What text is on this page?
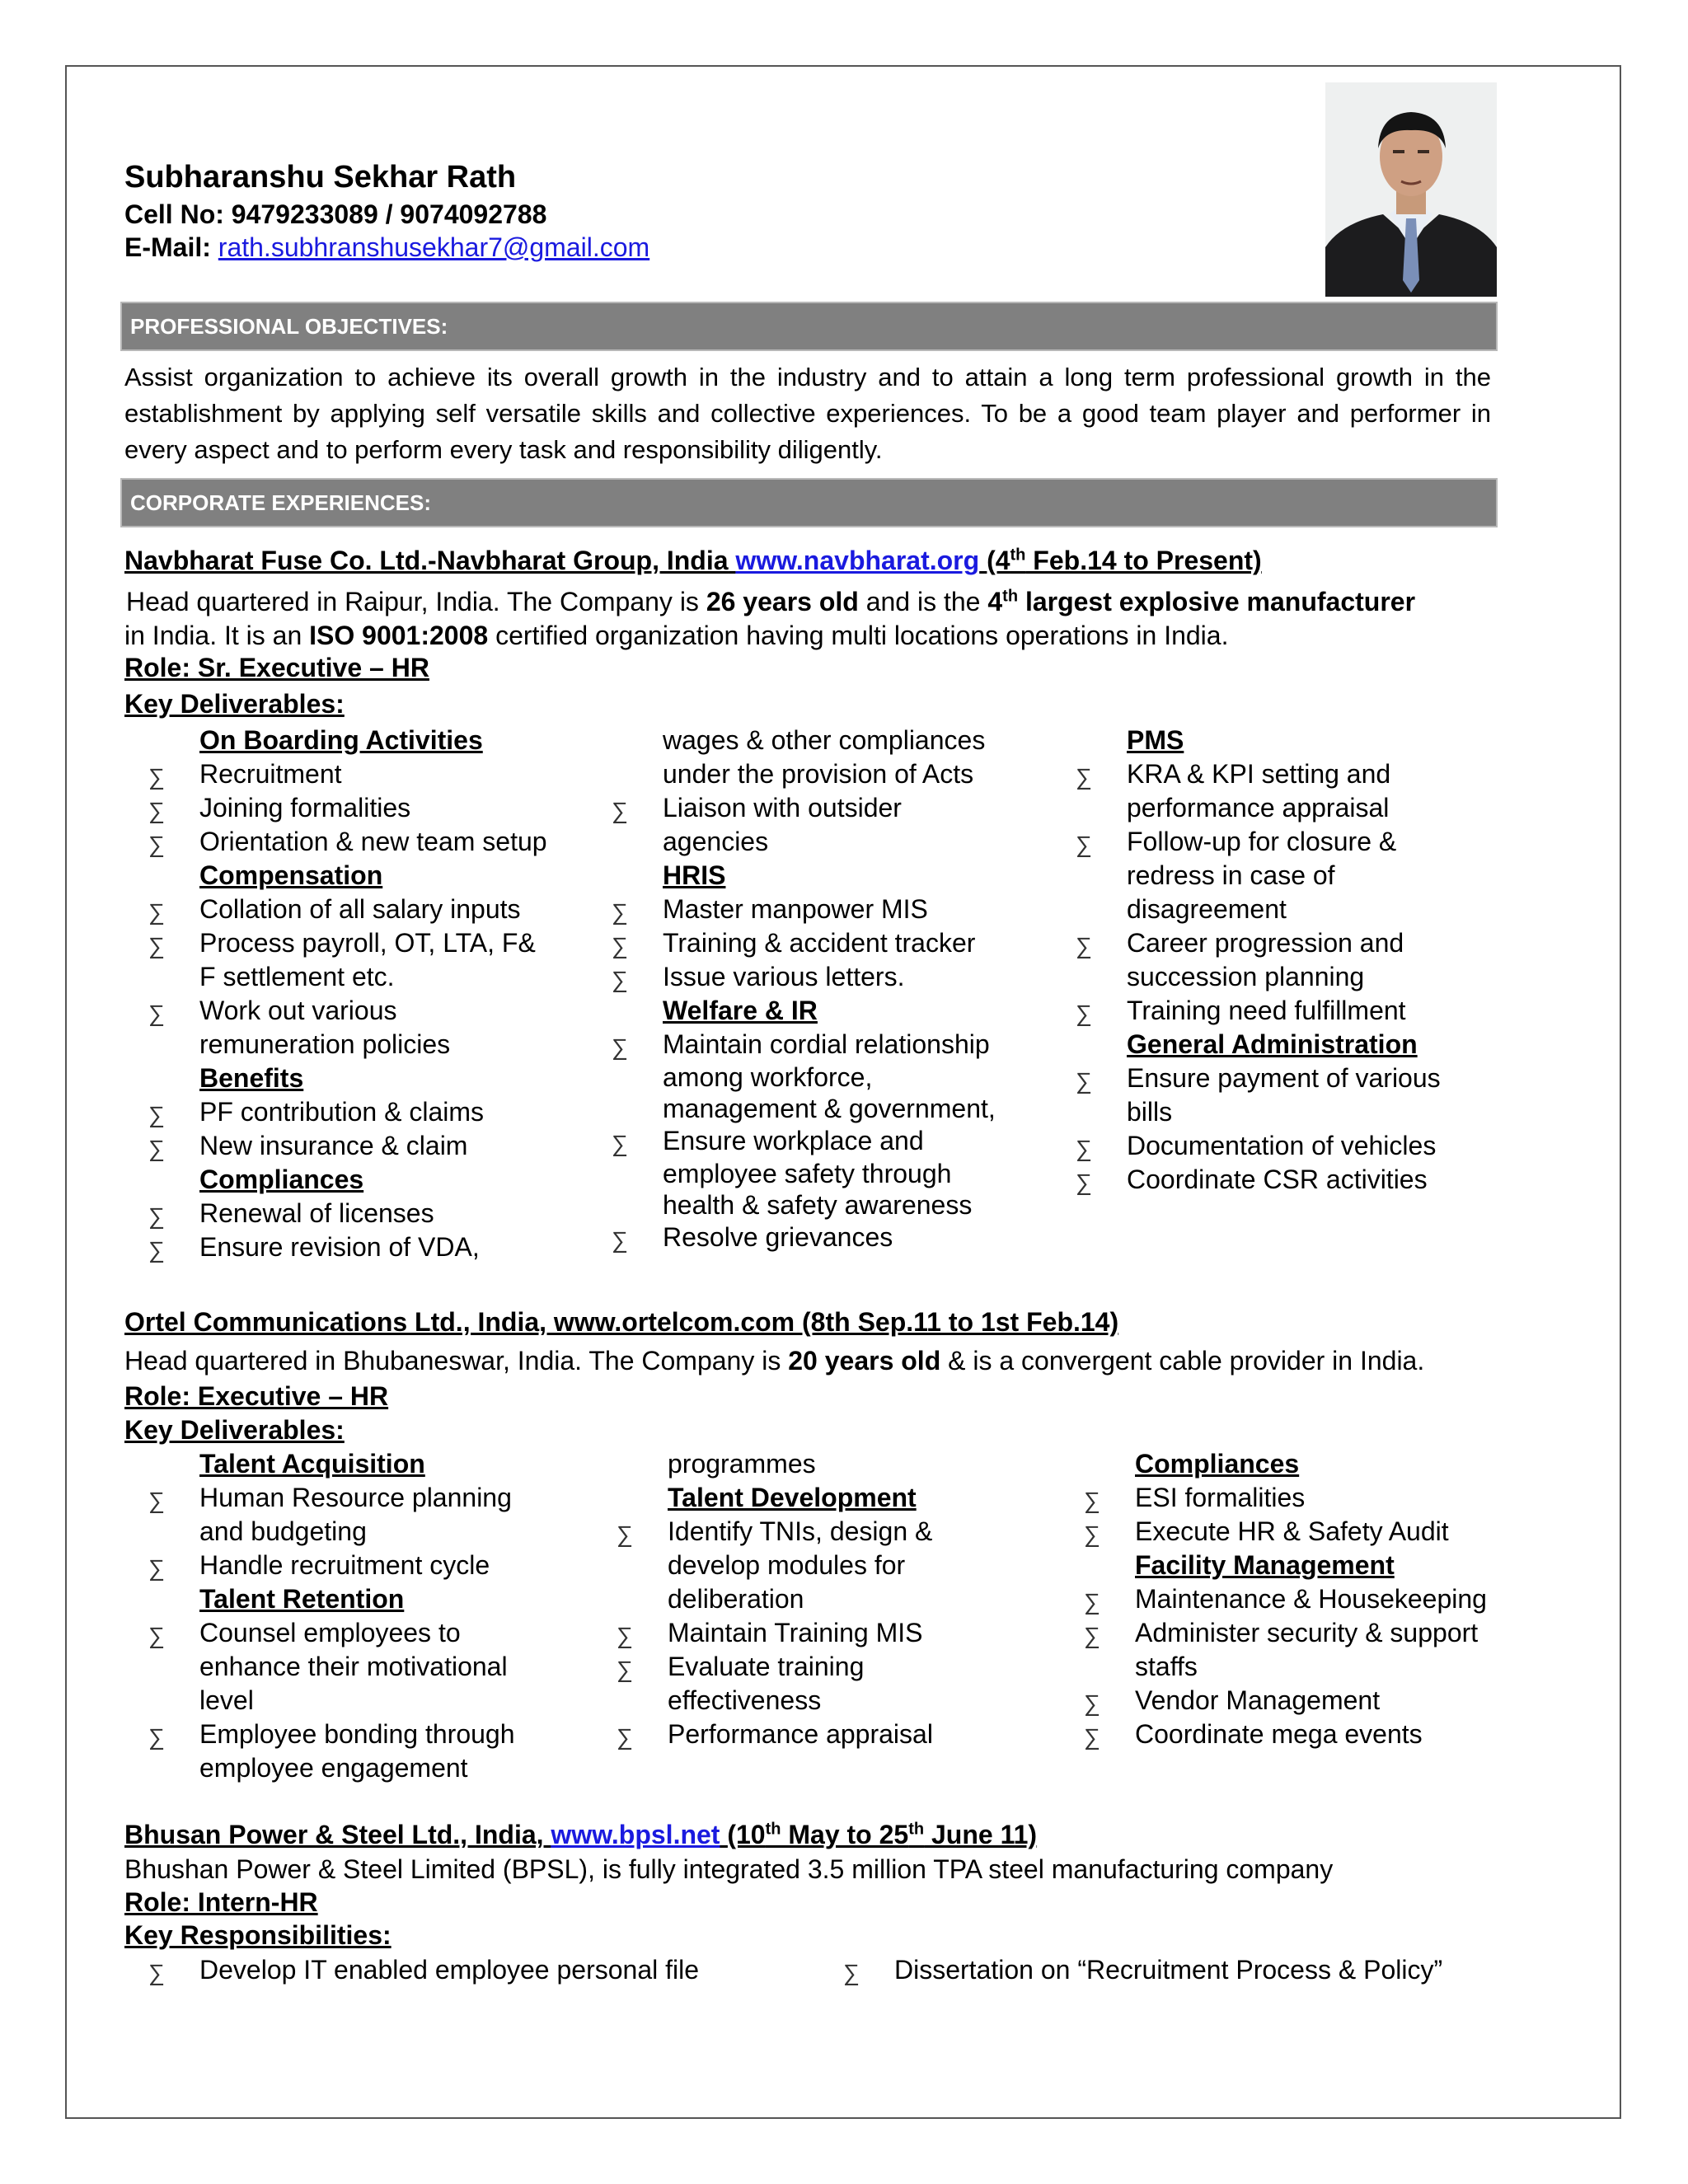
Subharanshu Sekhar Rath
Cell No: 9479233089 / 9074092788
E-Mail: rath.subhranshusekhar7@gmail.com
PROFESSIONAL OBJECTIVES:
Assist organization to achieve its overall growth in the industry and to attain a long term professional growth in the establishment by applying self versatile skills and collective experiences. To be a good team player and performer in every aspect and to perform every task and responsibility diligently.
CORPORATE EXPERIENCES:
Navbharat Fuse Co. Ltd.-Navbharat Group, India www.navbharat.org (4th Feb.14 to Present)
Head quartered in Raipur, India. The Company is 26 years old and is the 4th largest explosive manufacturer
in India. It is an ISO 9001:2008 certified organization having multi locations operations in India.
Role: Sr. Executive – HR
Key Deliverables:
On Boarding Activities
∑ Recruitment
∑ Joining formalities
∑ Orientation & new team setup
Compensation
∑ Collation of all salary inputs
∑ Process payroll, OT, LTA, F&
F settlement etc.
∑ Work out various
remuneration policies
Benefits
∑ PF contribution & claims
∑ New insurance & claim
Compliances
∑ Renewal of licenses
∑ Ensure revision of VDA,
wages & other compliances
under the provision of Acts
∑ Liaison with outsider
agencies
HRIS
∑ Master manpower MIS
∑ Training & accident tracker
∑ Issue various letters.
Welfare & IR
∑ Maintain cordial relationship
among workforce,
management & government,
∑ Ensure workplace and
employee safety through
health & safety awareness
∑ Resolve grievances
PMS
∑ KRA & KPI setting and
performance appraisal
∑ Follow-up for closure &
redress in case of
disagreement
∑ Career progression and
succession planning
∑ Training need fulfillment
General Administration
∑ Ensure payment of various
bills
∑ Documentation of vehicles
∑ Coordinate CSR activities
Ortel Communications Ltd., India, www.ortelcom.com (8th Sep.11 to 1st Feb.14)
Head quartered in Bhubaneswar, India. The Company is 20 years old & is a convergent cable provider in India.
Role: Executive – HR
Key Deliverables:
Talent Acquisition
∑ Human Resource planning
and budgeting
∑ Handle recruitment cycle
Talent Retention
∑ Counsel employees to
enhance their motivational
level
∑ Employee bonding through
employee engagement
programmes
Talent Development
∑ Identify TNIs, design &
develop modules for
deliberation
∑ Maintain Training MIS
∑ Evaluate training
effectiveness
∑ Performance appraisal
Compliances
∑ ESI formalities
∑ Execute HR & Safety Audit
Facility Management
∑ Maintenance & Housekeeping
∑ Administer security & support
staffs
∑ Vendor Management
∑ Coordinate mega events
Bhusan Power & Steel Ltd., India, www.bpsl.net (10th May to 25th June 11)
Bhushan Power & Steel Limited (BPSL), is fully integrated 3.5 million TPA steel manufacturing company
Role: Intern-HR
Key Responsibilities:
∑ Develop IT enabled employee personal file
∑	Dissertation on “Recruitment Process & Policy”
